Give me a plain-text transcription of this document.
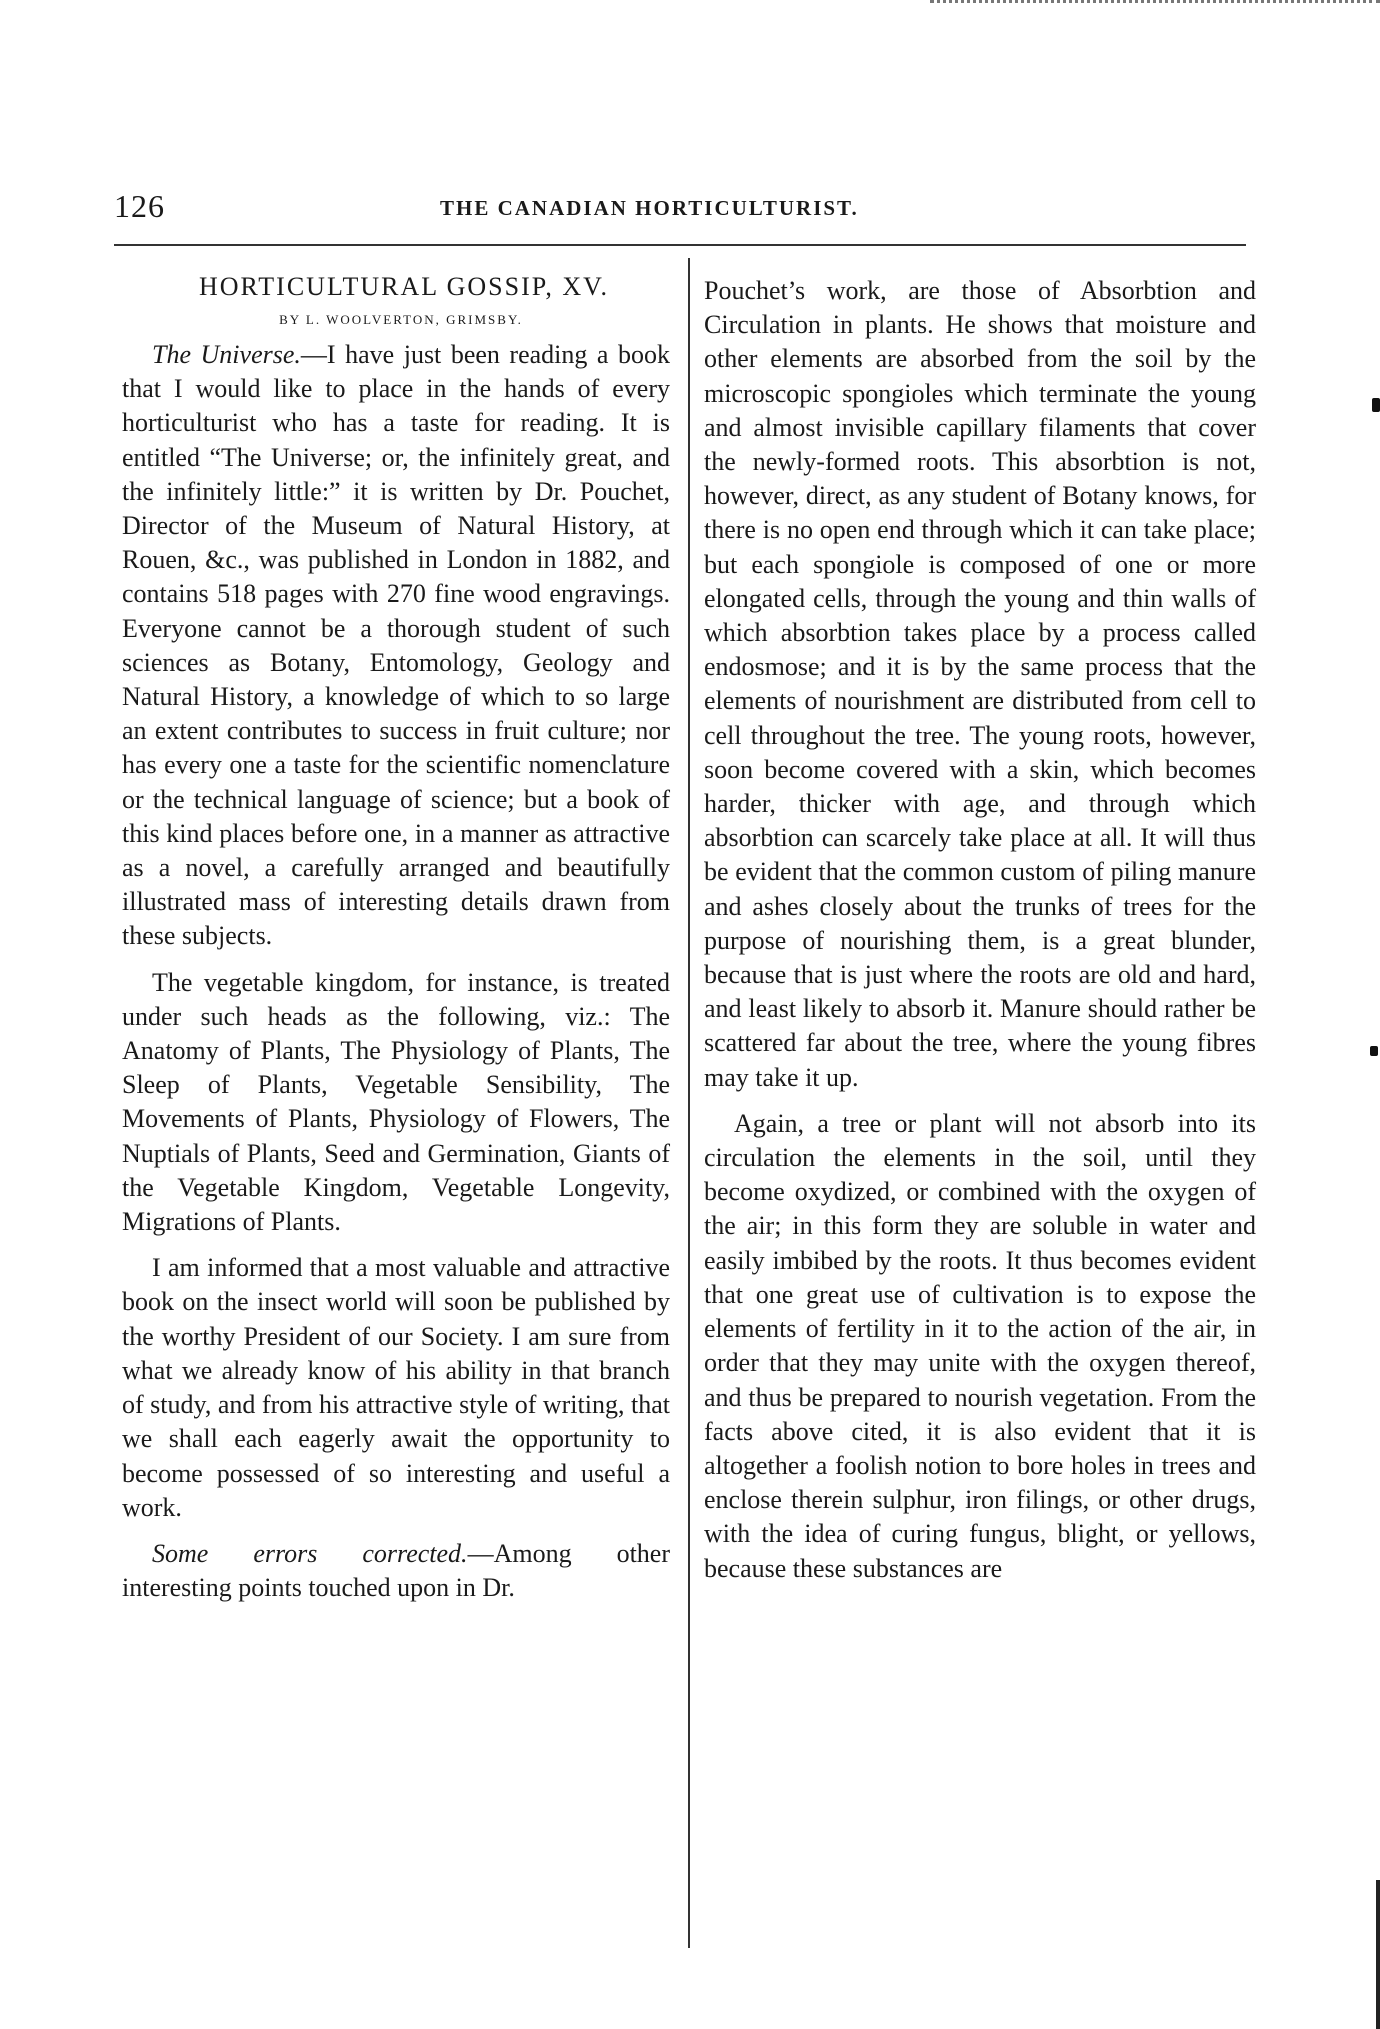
126	THE CANADIAN HORTICULTURIST.
HORTICULTURAL GOSSIP, XV.
BY L. WOOLVERTON, GRIMSBY.

The Universe.—I have just been reading a book that I would like to place in the hands of every horticulturist who has a taste for reading. It is entitled “The Universe; or, the infinitely great, and the infinitely little:” it is written by Dr. Pouchet, Director of the Museum of Natural History, at Rouen, &c., was published in London in 1882, and contains 518 pages with 270 fine wood engravings. Everyone cannot be a thorough student of such sciences as Botany, Entomology, Geology and Natural History, a knowledge of which to so large an extent contributes to success in fruit culture; nor has every one a taste for the scientific nomenclature or the technical language of science; but a book of this kind places before one, in a manner as attractive as a novel, a carefully arranged and beautifully illustrated mass of interesting details drawn from these subjects.

The vegetable kingdom, for instance, is treated under such heads as the following, viz.: The Anatomy of Plants, The Physiology of Plants, The Sleep of Plants, Vegetable Sensibility, The Movements of Plants, Physiology of Flowers, The Nuptials of Plants, Seed and Germination, Giants of the Vegetable Kingdom, Vegetable Longevity, Migrations of Plants.

I am informed that a most valuable and attractive book on the insect world will soon be published by the worthy President of our Society. I am sure from what we already know of his ability in that branch of study, and from his attractive style of writing, that we shall each eagerly await the opportunity to become possessed of so interesting and useful a work.

Some errors corrected.—Among other interesting points touched upon in Dr.

Pouchet’s work, are those of Absorbtion and Circulation in plants. He shows that moisture and other elements are absorbed from the soil by the microscopic spongioles which terminate the young and almost invisible capillary filaments that cover the newly-formed roots. This absorbtion is not, however, direct, as any student of Botany knows, for there is no open end through which it can take place; but each spongiole is composed of one or more elongated cells, through the young and thin walls of which absorbtion takes place by a process called endosmose; and it is by the same process that the elements of nourishment are distributed from cell to cell throughout the tree. The young roots, however, soon become covered with a skin, which becomes harder, thicker with age, and through which absorbtion can scarcely take place at all. It will thus be evident that the common custom of piling manure and ashes closely about the trunks of trees for the purpose of nourishing them, is a great blunder, because that is just where the roots are old and hard, and least likely to absorb it. Manure should rather be scattered far about the tree, where the young fibres may take it up.

Again, a tree or plant will not absorb into its circulation the elements in the soil, until they become oxydized, or combined with the oxygen of the air; in this form they are soluble in water and easily imbibed by the roots. It thus becomes evident that one great use of cultivation is to expose the elements of fertility in it to the action of the air, in order that they may unite with the oxygen thereof, and thus be prepared to nourish vegetation. From the facts above cited, it is also evident that it is altogether a foolish notion to bore holes in trees and enclose therein sulphur, iron filings, or other drugs, with the idea of curing fungus, blight, or yellows, because these substances are
